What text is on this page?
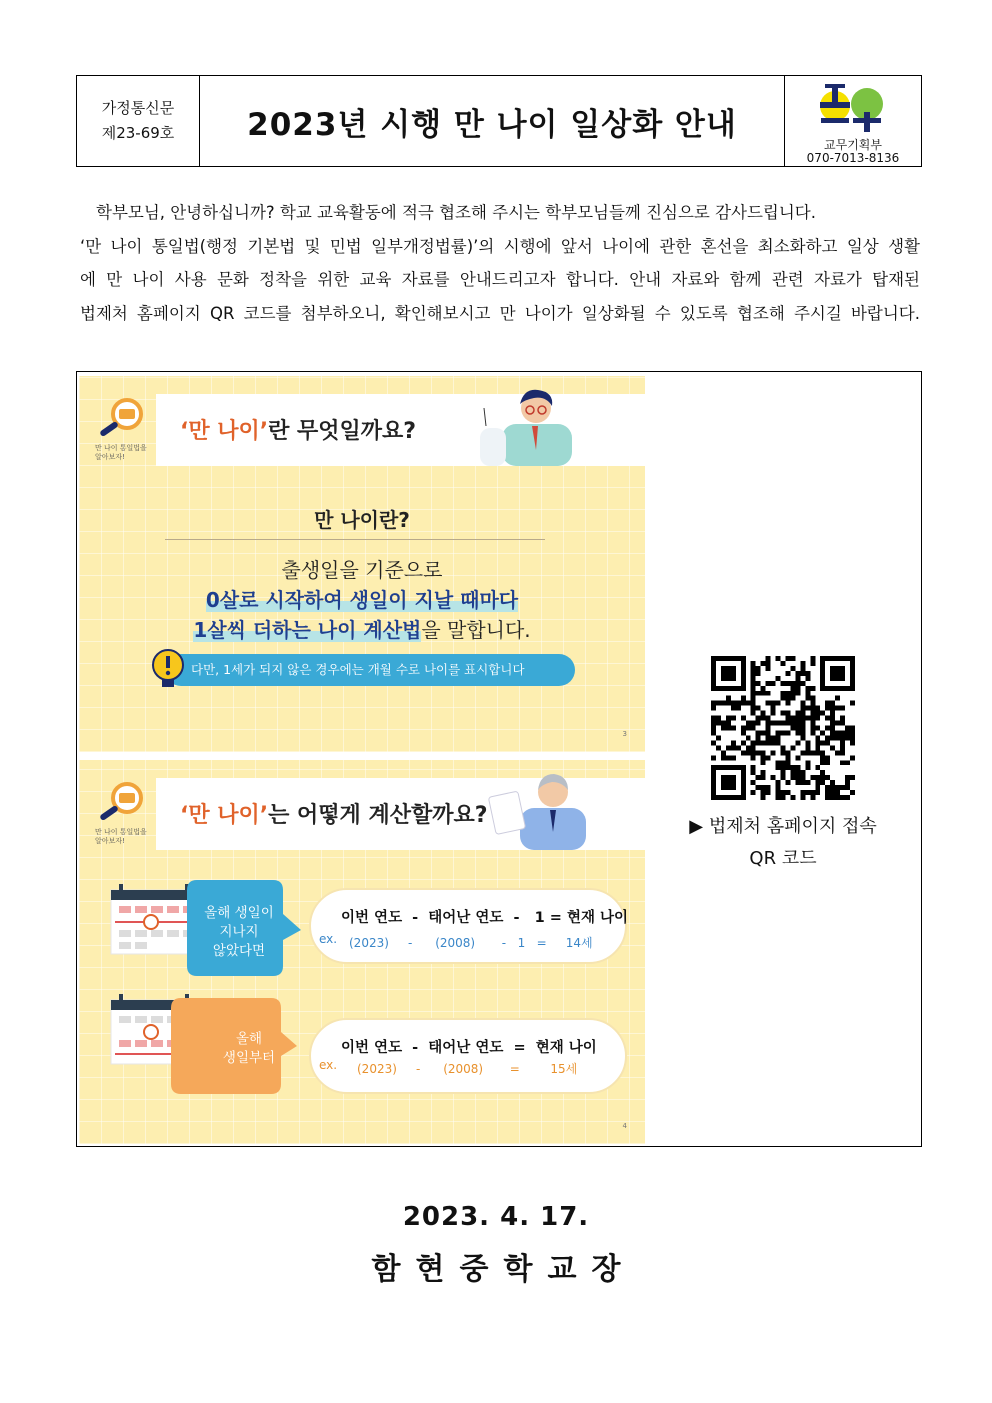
가정통신문
제23-69호	2023년 시행 만 나이 일상화 안내
교무기획부
070-7013-8136

학부모님, 안녕하십니까? 학교 교육활동에 적극 협조해 주시는 학부모님들께 진심으로 감사드립니다.

‘만 나이 통일법(행정 기본법 및 민법 일부개정법률)’의 시행에 앞서 나이에 관한 혼선을 최소화하고 일상 생활

에 만 나이 사용 문화 정착을 위한 교육 자료를 안내드리고자 합니다. 안내 자료와 함께 관련 자료가 탑재된

법제처 홈페이지 QR 코드를 첨부하오니, 확인해보시고 만 나이가 일상화될 수 있도록 협조해 주시길 바랍니다.

만 나이 통일법을 알아보자!
‘만 나이’란 무엇일까요?
만 나이란?
출생일을 기준으로
0살로 시작하여 생일이 지날 때마다
1살씩 더하는 나이 계산법을 말합니다.
다만, 1세가 되지 않은 경우에는 개월 수로 나이를 표시합니다
3
만 나이 통일법을 알아보자!
‘만 나이’는 어떻게 계산할까요?
올해 생일이
지나지
않았다면
이번 연도  -  태어난 연도  -   1 = 현재 나이
ex. (2023)     -      (2008)       -   1   =     14세
올해
생일부터
이번 연도  -  태어난 연도  =  현재 나이
ex. (2023)     -      (2008)       =        15세
4
▶ 법제처 홈페이지 접속
QR 코드
2023. 4. 17.
함현중학교장
